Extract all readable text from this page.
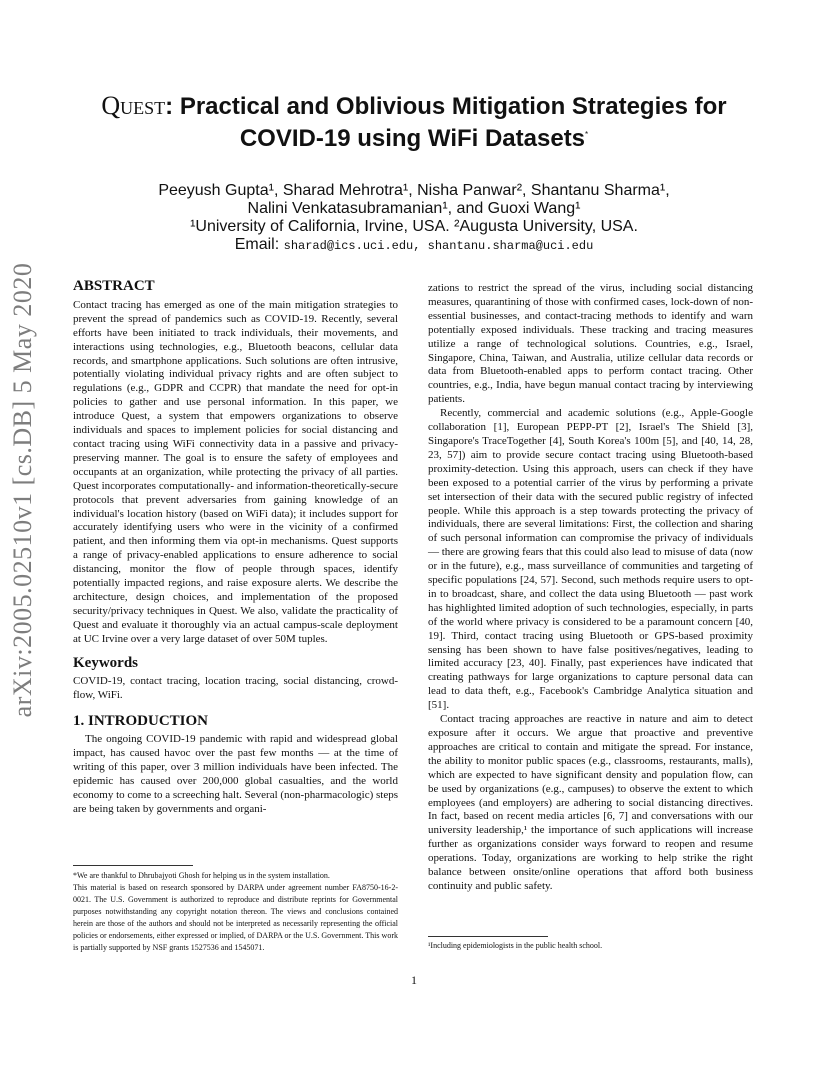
arXiv:2005.02510v1 [cs.DB] 5 May 2020
Quest: Practical and Oblivious Mitigation Strategies for
COVID-19 using WiFi Datasets*
Peeyush Gupta¹, Sharad Mehrotra¹, Nisha Panwar², Shantanu Sharma¹,
Nalini Venkatasubramanian¹, and Guoxi Wang¹
¹University of California, Irvine, USA. ²Augusta University, USA.
Email: sharad@ics.uci.edu, shantanu.sharma@uci.edu
ABSTRACT

Contact tracing has emerged as one of the main mitigation strategies to prevent the spread of pandemics such as COVID-19. Recently, several efforts have been initiated to track individuals, their movements, and interactions using technologies, e.g., Bluetooth beacons, cellular data records, and smartphone applications. Such solutions are often intrusive, potentially violating individual privacy rights and are often subject to regulations (e.g., GDPR and CCPR) that mandate the need for opt-in policies to gather and use personal information. In this paper, we introduce Quest, a system that empowers organizations to observe individuals and spaces to implement policies for social distancing and contact tracing using WiFi connectivity data in a passive and privacy-preserving manner. The goal is to ensure the safety of employees and occupants at an organization, while protecting the privacy of all parties. Quest incorporates computationally- and information-theoretically-secure protocols that prevent adversaries from gaining knowledge of an individual's location history (based on WiFi data); it includes support for accurately identifying users who were in the vicinity of a confirmed patient, and then informing them via opt-in mechanisms. Quest supports a range of privacy-enabled applications to ensure adherence to social distancing, monitor the flow of people through spaces, identify potentially impacted regions, and raise exposure alerts. We describe the architecture, design choices, and implementation of the proposed security/privacy techniques in Quest. We also, validate the practicality of Quest and evaluate it thoroughly via an actual campus-scale deployment at UC Irvine over a very large dataset of over 50M tuples.

Keywords

COVID-19, contact tracing, location tracing, social distancing, crowd-flow, WiFi.

1. INTRODUCTION

The ongoing COVID-19 pandemic with rapid and widespread global impact, has caused havoc over the past few months — at the time of writing of this paper, over 3 million individuals have been infected. The epidemic has caused over 200,000 global casualties, and the world economy to come to a screeching halt. Several (non-pharmacologic) steps are being taken by governments and organi-

*We are thankful to Dhrubajyoti Ghosh for helping us in the system installation.
This material is based on research sponsored by DARPA under agreement number FA8750-16-2-0021. The U.S. Government is authorized to reproduce and distribute reprints for Governmental purposes notwithstanding any copyright notation thereon. The views and conclusions contained herein are those of the authors and should not be interpreted as necessarily representing the official policies or endorsements, either expressed or implied, of DARPA or the U.S. Government. This work is partially supported by NSF grants 1527536 and 1545071.

zations to restrict the spread of the virus, including social distancing measures, quarantining of those with confirmed cases, lock-down of non-essential businesses, and contact-tracing methods to identify and warn potentially exposed individuals. These tracking and tracing measures utilize a range of technological solutions. Countries, e.g., Israel, Singapore, China, Taiwan, and Australia, utilize cellular data records or data from Bluetooth-enabled apps to perform contact tracing. Other countries, e.g., India, have begun manual contact tracing by interviewing patients.

Recently, commercial and academic solutions (e.g., Apple-Google collaboration [1], European PEPP-PT [2], Israel's The Shield [3], Singapore's TraceTogether [4], South Korea's 100m [5], and [40, 14, 28, 23, 57]) aim to provide secure contact tracing using Bluetooth-based proximity-detection. Using this approach, users can check if they have been exposed to a potential carrier of the virus by performing a private set intersection of their data with the secured public registry of infected people. While this approach is a step towards protecting the privacy of individuals, there are several limitations: First, the collection and sharing of such personal information can compromise the privacy of individuals — there are growing fears that this could also lead to misuse of data (now or in the future), e.g., mass surveillance of communities and targeting of specific populations [24, 57]. Second, such methods require users to opt-in to broadcast, share, and collect the data using Bluetooth — past work has highlighted limited adoption of such technologies, especially, in parts of the world where privacy is considered to be a paramount concern [40, 19]. Third, contact tracing using Bluetooth or GPS-based proximity sensing has been shown to have false positives/negatives, leading to limited accuracy [23, 40]. Finally, past experiences have indicated that creating pathways for large organizations to capture personal data can lead to data theft, e.g., Facebook's Cambridge Analytica situation and [51].

Contact tracing approaches are reactive in nature and aim to detect exposure after it occurs. We argue that proactive and preventive approaches are critical to contain and mitigate the spread. For instance, the ability to monitor public spaces (e.g., classrooms, restaurants, malls), which are expected to have significant density and population flow, can be used by organizations (e.g., campuses) to observe the extent to which employees (and employers) are adhering to social distancing directives. In fact, based on recent media articles [6, 7] and conversations with our university leadership,¹ the importance of such applications will increase further as organizations consider ways forward to reopen and resume operations. Today, organizations are working to help strike the right balance between onsite/online operations that afford both business continuity and public safety.

¹Including epidemiologists in the public health school.
1
